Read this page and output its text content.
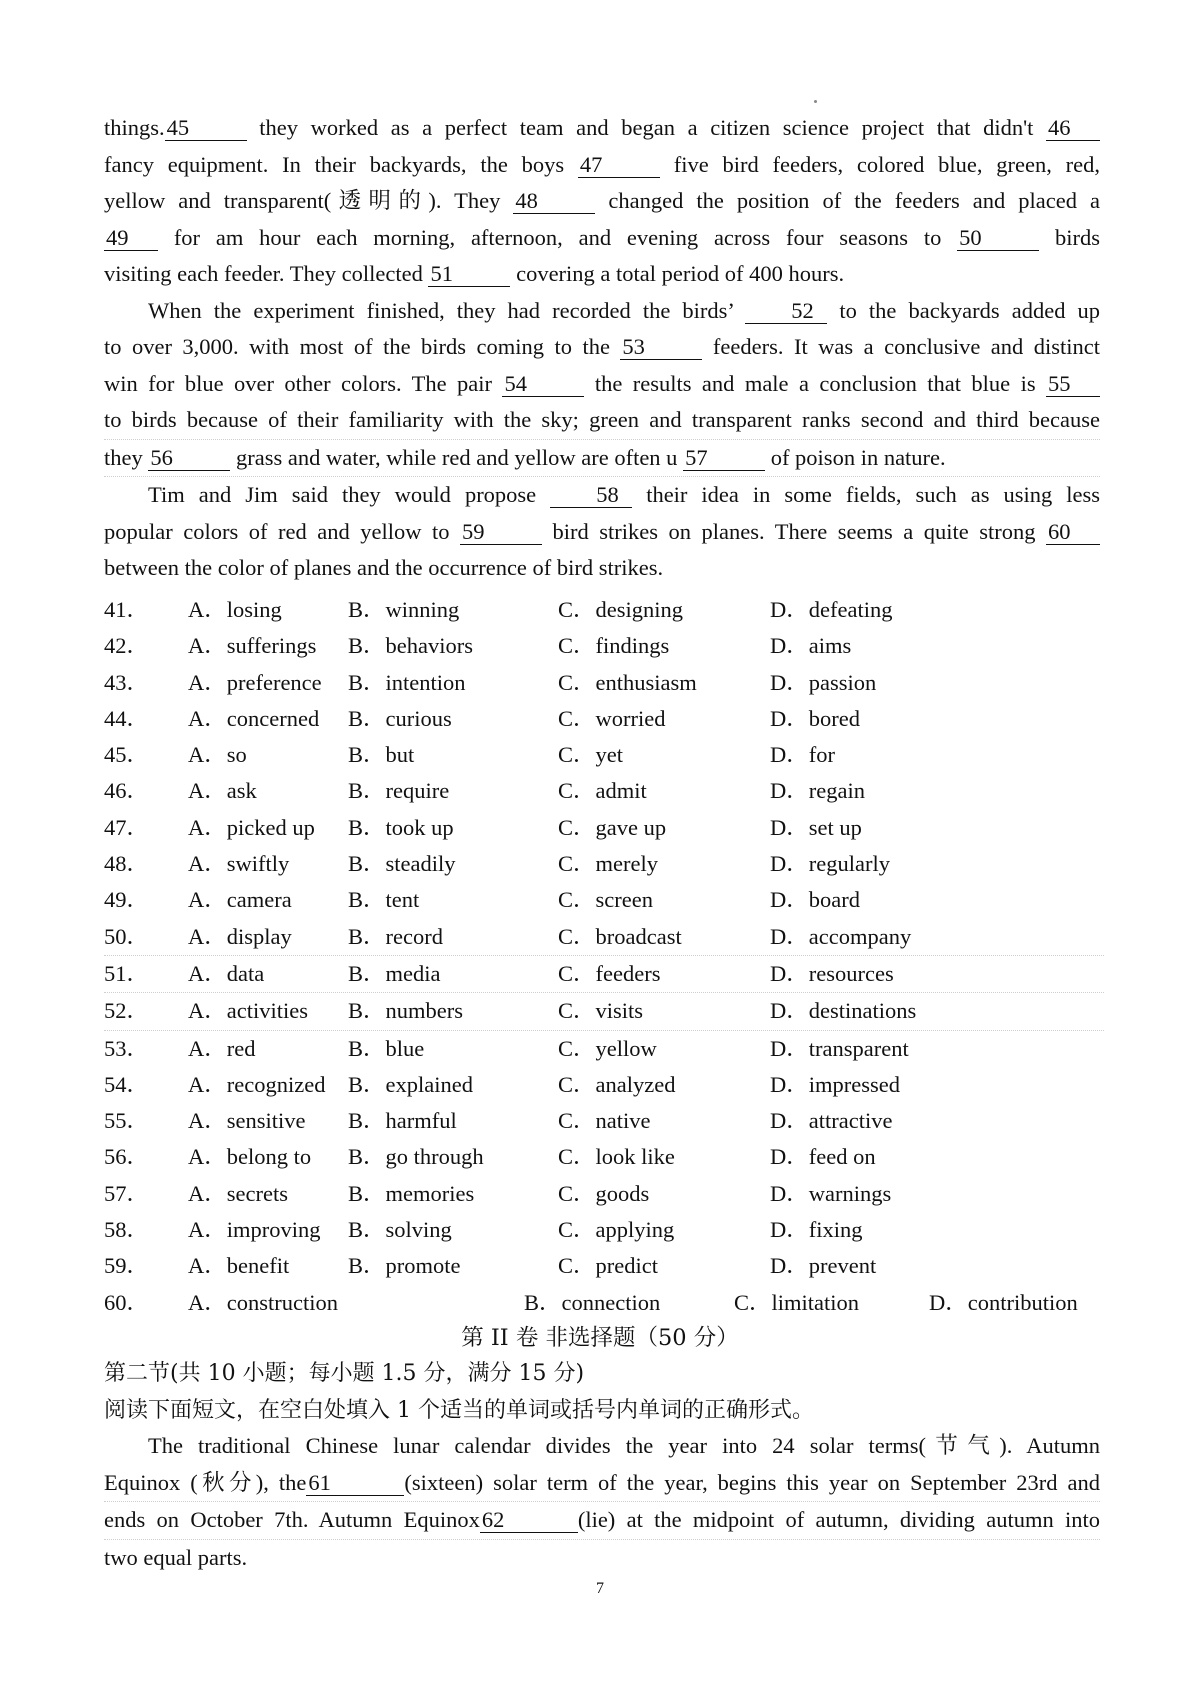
things.45	they worked as a perfect team and began a citizen science project that didn't 46

fancy equipment. In their backyards, the boys 47	five bird feeders, colored blue, green, red,

yellow and transparent(透明的). They 48	changed the position of the feeders and placed a

49 for am hour each morning, afternoon, and evening across four seasons to 50	birds

visiting each feeder. They collected 51	covering a total period of 400 hours.

When the experiment finished, they had recorded the birds’ 52 to the backyards added up

to over 3,000. with most of the birds coming to the 53	feeders. It was a conclusive and distinct

win for blue over other colors. The pair 54	the results and male a conclusion that blue is 55

to birds because of their familiarity with the sky; green and transparent ranks second and third because

they 56	grass and water, while red and yellow are often u 57	of poison in nature.

Tim and Jim said they would propose 58 their idea in some fields, such as using less

popular colors of red and yellow to 59	bird strikes on planes. There seems a quite strong 60

between the color of planes and the occurrence of bird strikes.

41． A．losing	B．winning	C．designing	D．defeating
42． A．sufferings B．behaviors	C．findings	D．aims
43． A．preference B．intention	C．enthusiasm	D．passion
44． A．concerned B．curious	C．worried	D．bored
45． A．so	B．but	C．yet	D．for
46． A．ask	B．require	C．admit	D．regain
47． A．picked up B．took up	C．gave up	D．set up
48． A．swiftly	B．steadily	C．merely	D．regularly
49． A．camera	B．tent	C．screen	D．board
50． A．display	B．record	C．broadcast	D．accompany
51． A．data	B．media	C．feeders	D．resources
52． A．activities B．numbers	C．visits	D．destinations
53． A．red	B．blue	C．yellow	D．transparent
54． A．recognized B．explained	C．analyzed	D．impressed
55． A．sensitive B．harmful	C．native	D．attractive
56． A．belong to B．go through	C．look like	D．feed on
57． A．secrets	B．memories	C．goods	D．warnings
58． A．improving B．solving	C．applying	D．fixing
59． A．benefit	B．promote	C．predict	D．prevent
60． A．construction	B．connection	C．limitation	D．contribution
第 II 卷 非选择题（50 分）
第二节(共 10 小题；每小题 1.5 分，满分 15 分)
阅读下面短文，在空白处填入 1 个适当的单词或括号内单词的正确形式。

The traditional Chinese lunar calendar divides the year into 24 solar terms(节气). Autumn

Equinox (秋分), the61	(sixteen) solar term of the year, begins this year on September 23rd and

ends on October 7th. Autumn Equinox62	(lie) at the midpoint of autumn, dividing autumn into

two equal parts.

7
